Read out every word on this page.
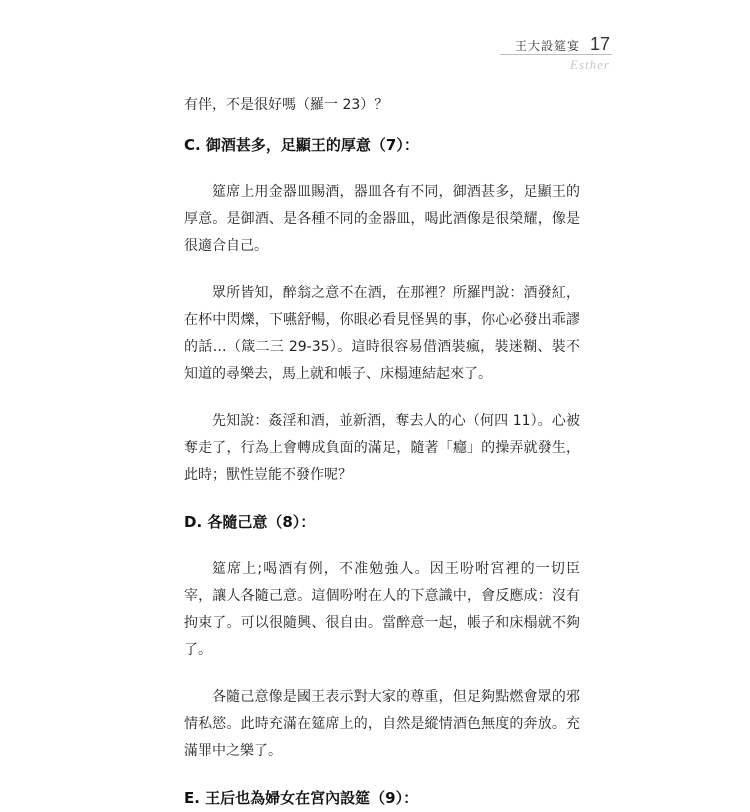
王大設筵宴 17
Esther

有伴，不是很好嗎（羅一 23）？

C. 御酒甚多，足顯王的厚意（7）：

筵席上用金器皿賜酒，器皿各有不同，御酒甚多，足顯王的厚意。是御酒、是各種不同的金器皿，喝此酒像是很榮耀，像是很適合自己。

眾所皆知，醉翁之意不在酒，在那裡？所羅門說：酒發紅，在杯中閃爍，下嚥舒暢，你眼必看見怪異的事，你心必發出乖謬的話…（箴二三 29-35）。這時很容易借酒裝瘋，裝迷糊、裝不知道的尋樂去，馬上就和帳子、床榻連結起來了。

先知說：姦淫和酒，並新酒，奪去人的心（何四 11）。心被奪走了，行為上會轉成負面的滿足，隨著「癮」的操弄就發生，此時；獸性豈能不發作呢？

D. 各隨己意（8）：

筵席上;喝酒有例，不准勉強人。因王吩咐宮裡的一切臣宰，讓人各隨己意。這個吩咐在人的下意識中，會反應成：沒有拘束了。可以很隨興、很自由。當醉意一起，帳子和床榻就不夠了。

各隨己意像是國王表示對大家的尊重，但足夠點燃會眾的邪情私慾。此時充滿在筵席上的，自然是縱情酒色無度的奔放。充滿罪中之樂了。

E. 王后也為婦女在宮內設筵（9）：
